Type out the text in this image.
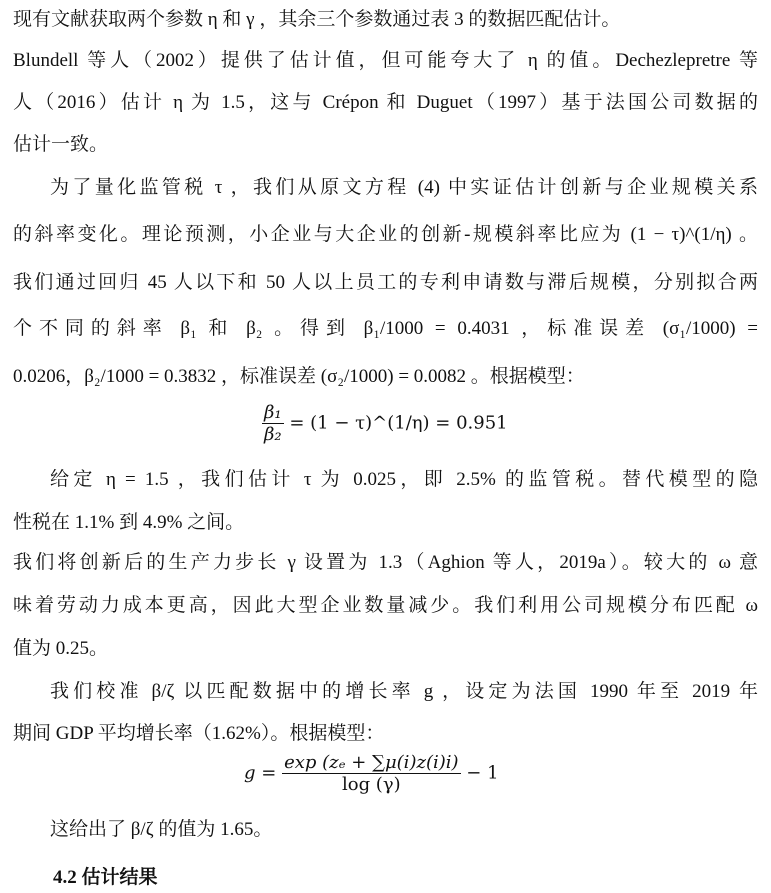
现有文献获取两个参数 η 和 γ ，其余三个参数通过表 3 的数据匹配估计。
Blundell 等人（2002）提供了估计值，但可能夸大了 η 的值。Dechezlepretre 等
人（2016）估计 η 为 1.5，这与 Crépon 和 Duguet（1997）基于法国公司数据的
估计一致。
为了量化监管税 τ ，我们从原文方程 (4) 中实证估计创新与企业规模关系
的斜率变化。理论预测，小企业与大企业的创新-规模斜率比应为 (1 − τ)^(1/η) 。
我们通过回归 45 人以下和 50 人以上员工的专利申请数与滞后规模，分别拟合两
个不同的斜率 β₁ 和 β₂ 。得到 β₁/1000 = 0.4031 ，标准误差 (σ₁/1000) =
0.0206，β₂/1000 = 0.3832 ，标准误差 (σ₂/1000) = 0.0082 。根据模型：
$\frac{\text{β₁}}{\text{β₂}} = (1$ − τ)^(1/η) = 0.951
给定 η = 1.5 ，我们估计 τ 为 0.025，即 2.5% 的监管税。替代模型的隐
性税在 1.1% 到 4.9% 之间。
我们将创新后的生产力步长 γ 设置为 1.3（Aghion 等人，2019a）。较大的 ω 意
味着劳动力成本更高，因此大型企业数量减少。我们利用公司规模分布匹配 ω
值为 0.25。
我们校准 β/ζ 以匹配数据中的增长率 g ，设定为法国 1990 年至 2019 年
期间 GDP 平均增长率（1.62%）。根据模型：
$g = \frac{\text{exp (zₑ + ∑μ(i)z(i)i)}}{\log (\gamma)} - 1$
这给出了 β/ζ 的值为 1.65。
4.2 估计结果
